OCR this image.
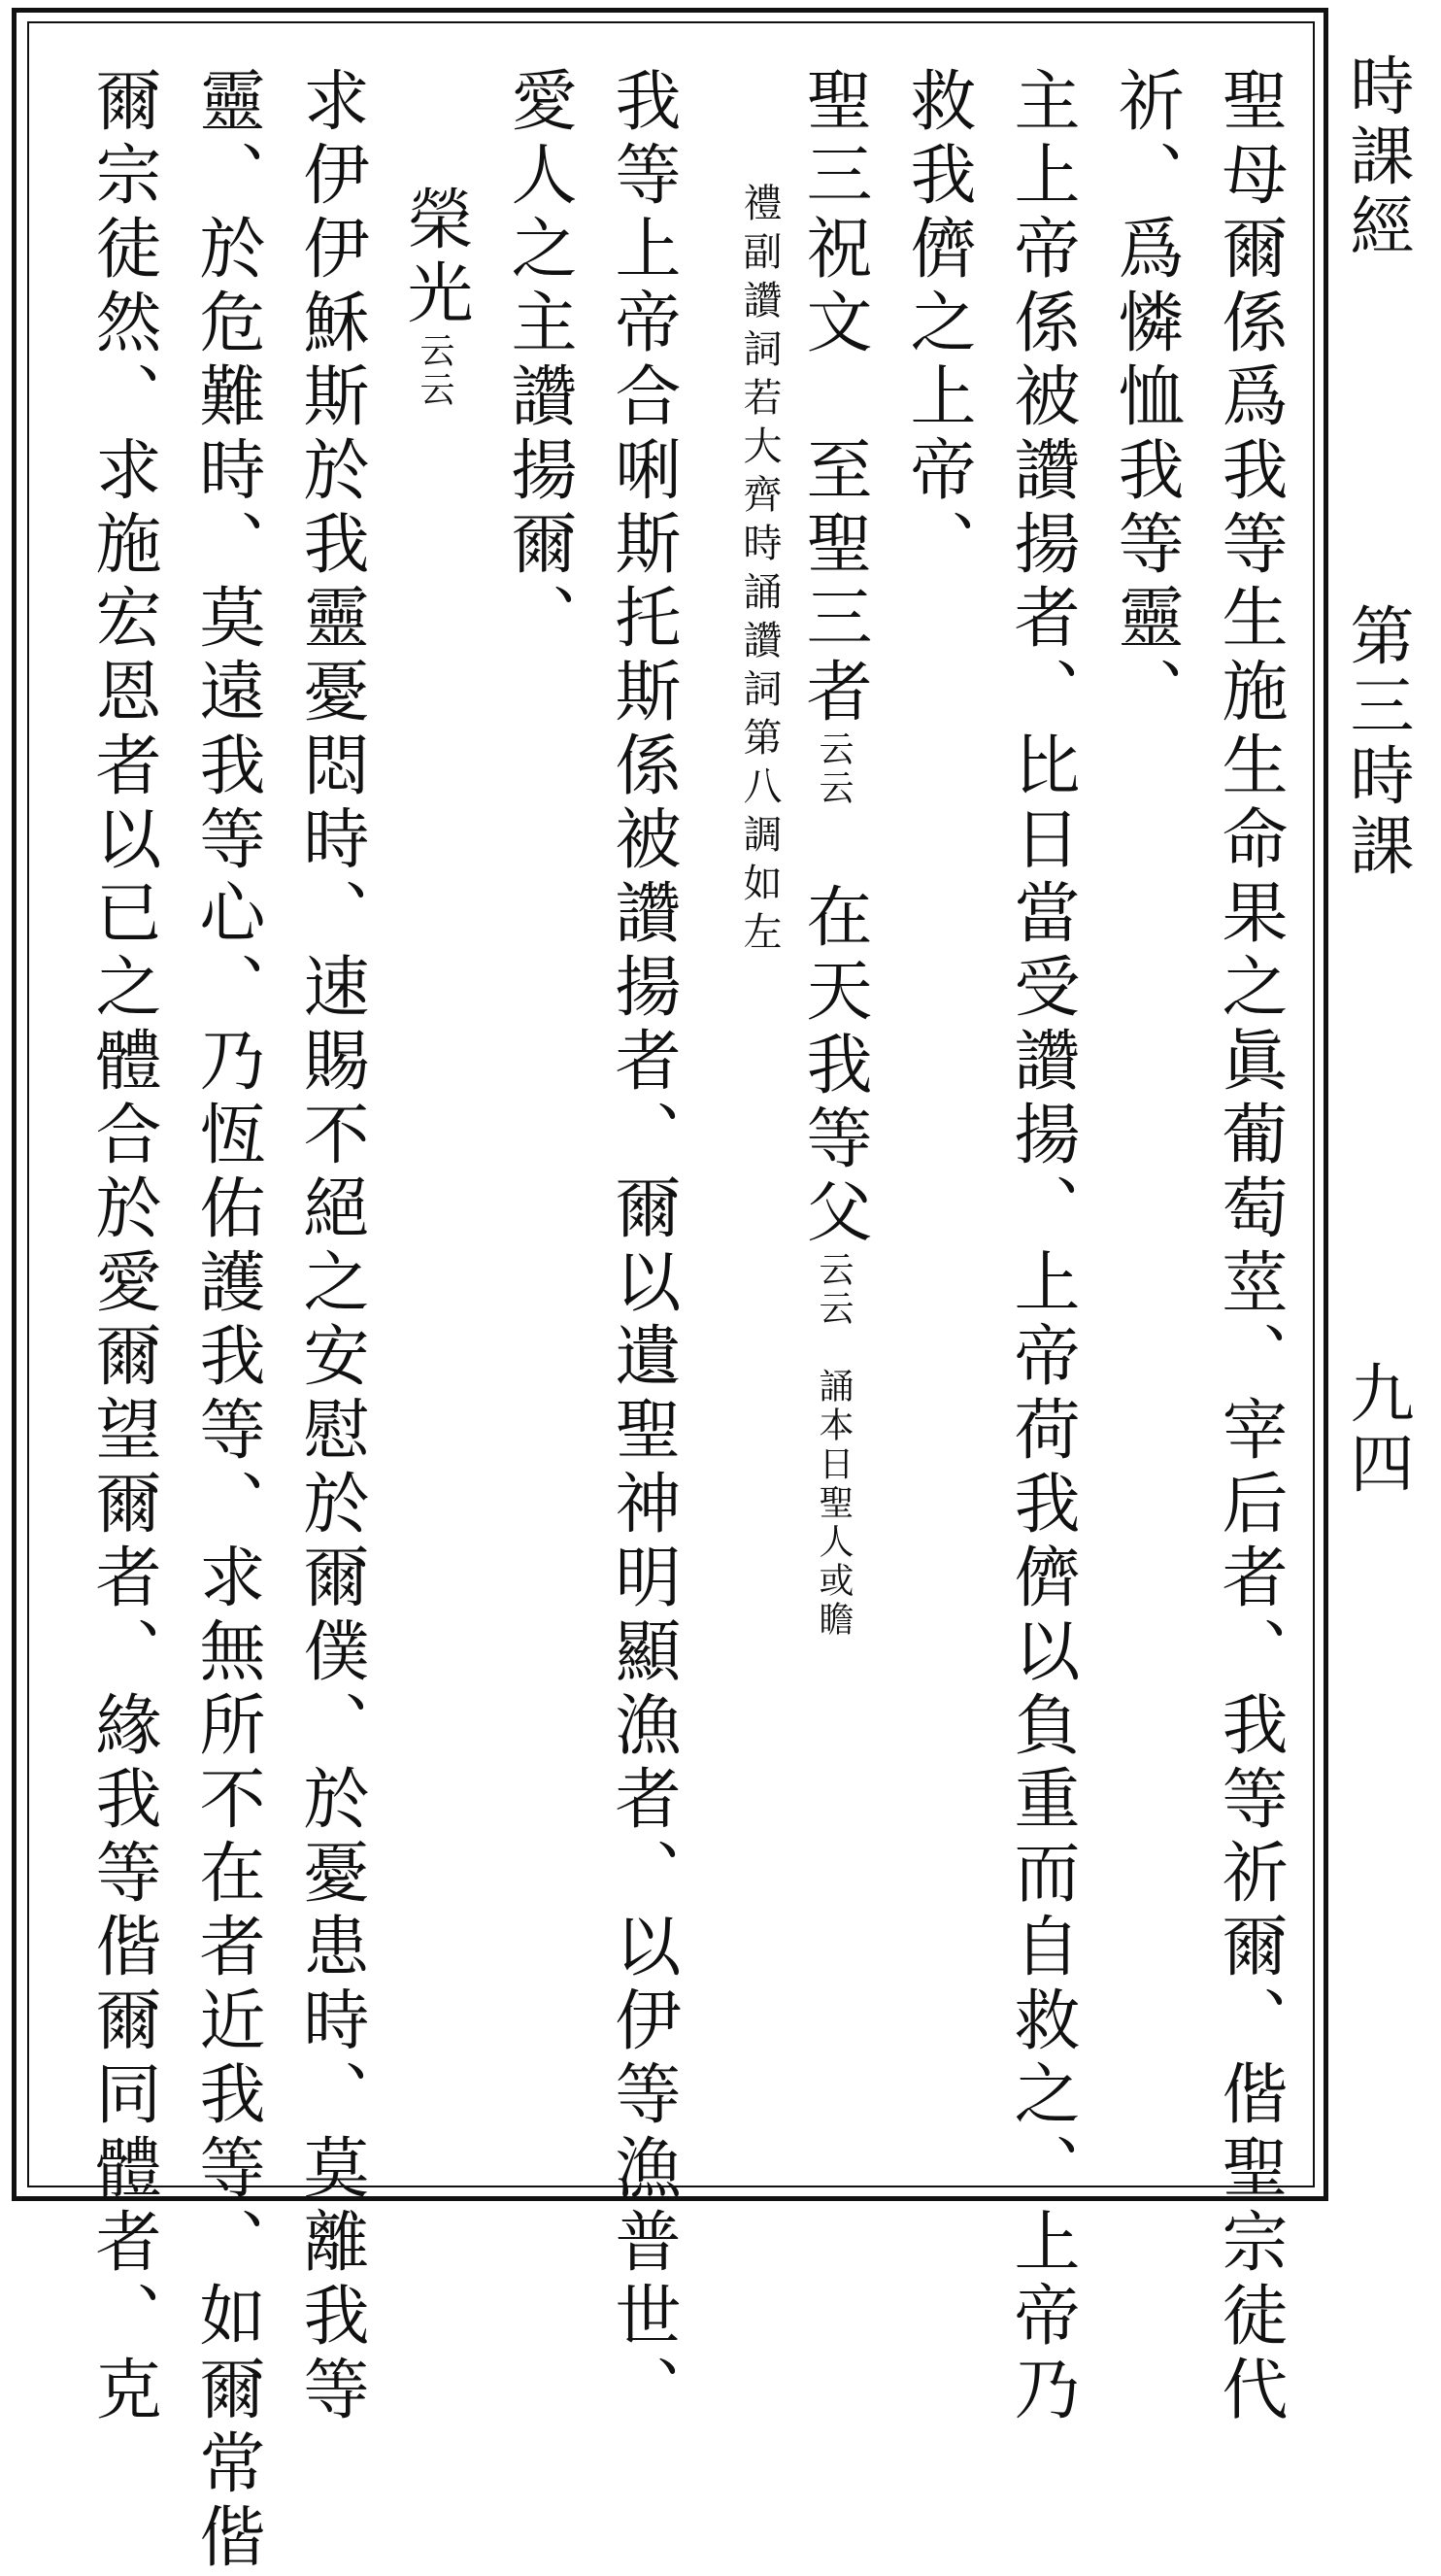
時課經
第三時課
九四
聖母爾係爲我等生施生命果之眞葡萄莖、宰后者、我等祈爾、偕聖宗徒代
祈、爲憐恤我等靈、
主上帝係被讚揚者、比日當受讚揚、上帝荷我儕以負重而自救之、上帝乃
救我儕之上帝、
聖三祝文　至聖三者云云　在天我等父云云　誦本日聖人或瞻
禮副讚詞若大齊時誦讚詞第八調如左
我等上帝合唎斯托斯係被讚揚者、爾以遺聖神明顯漁者、以伊等漁普世、
愛人之主讚揚爾、
榮光云云
求伊伊穌斯於我靈憂悶時、速賜不絕之安慰於爾僕、於憂患時、莫離我等
靈、於危難時、莫遠我等心、乃恆佑護我等、求無所不在者近我等、如爾常偕
爾宗徒然、求施宏恩者以已之體合於愛爾望爾者、緣我等偕爾同體者、克
